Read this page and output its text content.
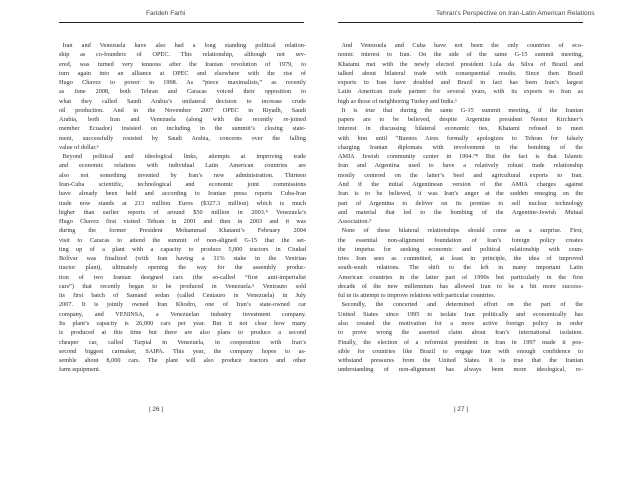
Farideh Farhi
Iran and Venezuela have also had a long standing political relation-
ship as co-founders of OPEC. This relationship, although not sev-
ered, was turned very tenuous after the Iranian revolution of 1979, to
turn again into an alliance at OPEC and elsewhere with the rise of
Hugo Chavez to power in 1998. As “piece maximalists,” as recently
as June 2008, both Tehran and Caracas voiced their opposition to
what they called Saudi Arabia’s unilateral decision to increase crude
oil production. And in the November 2007 OPEC in Riyadh, Saudi
Arabia, both Iran and Venezuela (along with the recently re-joined
member Ecuador) insisted on including in the summit’s closing state-
ment, successfully resisted by Saudi Arabia, concerns over the falling
value of dollar.³
Beyond political and ideological links, attempts at improving trade
and economic relations with individual Latin American countries are
also not something invented by Iran’s new administration. Thirteen
Iran-Cuba scientific, technological and economic joint commissions
have already been held and according to Iranian press reports Cuba-Iran
trade now stands at 213 million Euros ($327.3 million) which is much
higher than earlier reports of around $50 million in 2003.⁴ Venezuela’s
Hugo Chavez first visited Tehran in 2001 and then in 2003 and it was
during the former President Mohammad Khatami’s February 2004
visit to Caracas to attend the summit of non-aligned G-15 that the set-
ting up of a plant with a capacity to produce 5,000 tractors in Ciudad
Bolívar was finalized (with Iran having a 31% stake in the Venirian
tractor plant), ultimately opening the way for the assembly produc-
tion of two Iranian designed cars (the so-called “first anti-imperialist
cars”) that recently began to be produced in Venezuela.⁵ Venirauto sold
its first batch of Samand sedan (called Centauro in Venezuela) in July
2007. It is jointly owned Iran Khodro, one of Iran’s state-owned car
company, and VENINSA, a Venezuelan industry investment company.
Its plant’s capacity is 26,000 cars per year. But it not clear how many
is produced at this time but there are also plans to produce a second
cheaper car, called Turpial in Venezuela, in cooperation with Iran’s
second biggest carmaker, SAIPA. This year, the company hopes to as-
semble about 8,000 cars. The plant will also produce tractors and other
farm equipment.
| 26 |
Tehran’s Perspective on Iran-Latin American Relations
And Venezuela and Cuba have not been the only countries of eco-
nomic interest to Iran. On the side of the same G-15 summit meeting,
Khatami met with the newly elected president Lula da Silva of Brazil and
talked about bilateral trade with consequential results. Since then Brazil
exports to Iran have doubled and Brazil in fact has been Iran’s largest
Latin American trade partner for several years, with its exports to Iran as
high as those of neighboring Turkey and India.⁶
It is true that during the same G-15 summit meeting, if the Iranian
papers are to be believed, despite Argentine president Nestor Kirchner’s
interest in discussing bilateral economic ties, Khatami refused to meet
with him until “Buenos Aires formally apologizes to Tehran for falsely
charging Iranian diplomats with involvement in the bombing of the
AMIA Jewish community center in 1994.”⁸ But the fact is that Islamic
Iran and Argentina used to have a relatively robust trade relationship
mostly centered on the latter’s beef and agricultural exports to Iran.
And if the initial Argentinean version of the AMIA charges against
Iran is to be believed, it was Iran’s anger at the sudden reneging on the
part of Argentina to deliver on its promise to sell nuclear technology
and material that led to the bombing of the Argentine-Jewish Mutual
Association.⁹
None of these bilateral relationships should come as a surprise. First,
the essential non-alignment foundation of Iran’s foreign policy creates
the impetus for seeking economic and political relationship with coun-
tries Iran sees as committed, at least in principle, the idea of improved
south-south relations. The shift to the left in many important Latin
American countries in the latter part of 1990s but particularly in the first
decade of the new millennium has allowed Iran to be a bit more success-
ful in its attempt to improve relations with particular countries.
Secondly, the concerted and determined effort on the part of the
United States since 1995 to isolate Iran politically and economically has
also created the motivation for a more active foreign policy in order
to prove wrong the asserted claim about Iran’s international isolation.
Finally, the election of a reformist president in Iran in 1997 made it pos-
sible for countries like Brazil to engage Iran with enough confidence to
withstand pressures from the United States. It is true that the Iranian
understanding of non-alignment has always been more ideological, re-
| 27 |
